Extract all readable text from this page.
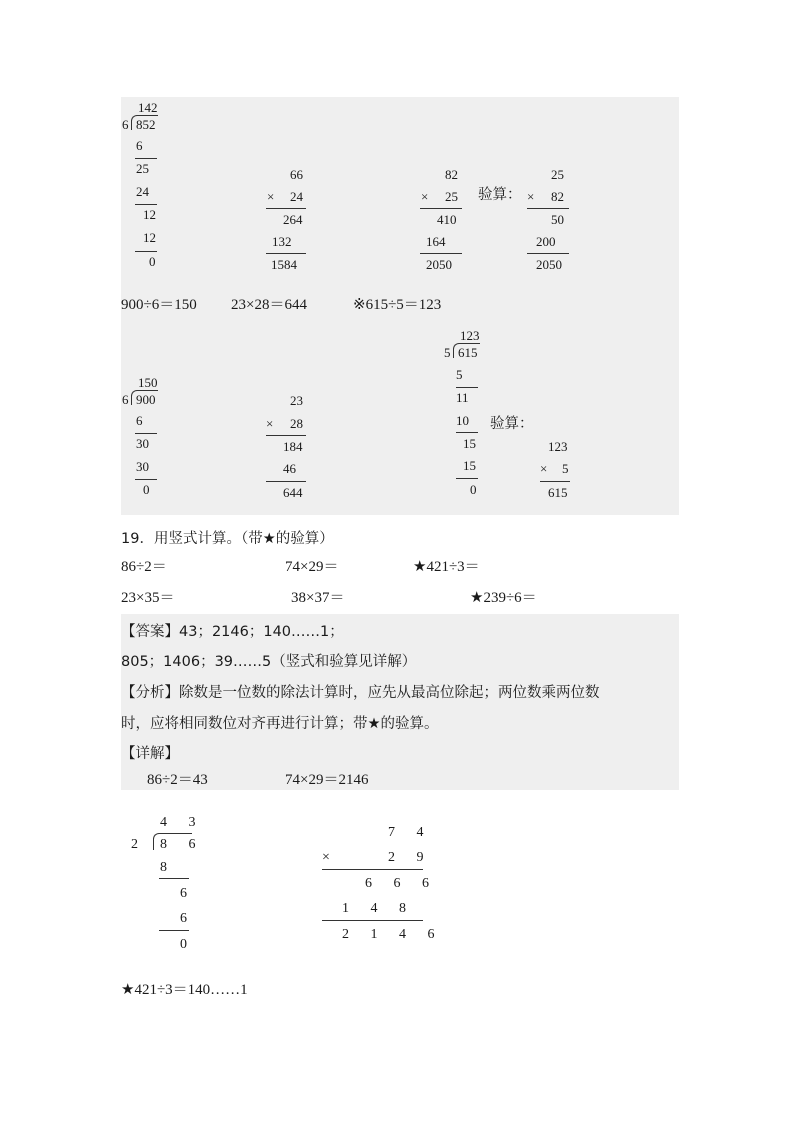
142
6 852
6
25
24
12
12
0
66
× 24
264
132
1584
82
× 25
410
164
2050
验算：
25
× 82
50
200
2050
900÷6＝150 23×28＝644	※615÷5＝123
150
6 900
6
30
30
0
23
× 28
184
46
644
123
5 615
5
11
10
15
15
0
验算：
123
× 5
615
19．用竖式计算。（带★的验算）
86÷2＝	74×29＝	★421÷3＝
23×35＝	38×37＝	★239÷6＝
【答案】43；2146；140……1；
805；1406；39……5（竖式和验算见详解）
【分析】除数是一位数的除法计算时，应先从最高位除起；两位数乘两位数
时，应将相同数位对齐再进行计算；带★的验算。
【详解】
86÷2＝43	74×29＝2146
4 3
2 8 6
8
6
6
0
7 4
×	2 9
6 6 6
1 4 8
2 1 4 6
★421÷3＝140……1
